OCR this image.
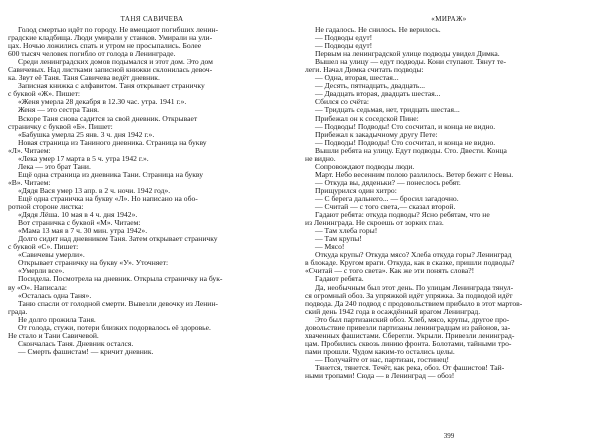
ТАНЯ САВИЧЕВА
Голод смертью идёт по городу. Не вмещают погибших ленин-
градские кладбища. Люди умирали у станков. Умирали на ули-
цах. Ночью ложились спать и утром не просыпались. Более
600 тысяч человек погибло от голода в Ленинграде.
Среди ленинградских домов подымался и этот дом. Это дом
Савичевых. Над листками записной книжки склонилась девоч-
ка. Звут её Таня. Таня Савичева ведёт дневник.
Записная книжка с алфавитом. Таня открывает страничку
с буквой «Ж». Пишет:
«Женя умерла 28 декабря в 12.30 час. утра. 1941 г.».
Женя — это сестра Таня.
Вскоре Таня снова садится за свой дневник. Открывает
страничку с буквой «Б». Пишет:
«Бабушка умерла 25 янв. 3 ч. дня 1942 г.».
Новая страница из Таниного дневника. Страница на букву
«Л». Читаем:
«Лека умер 17 марта в 5 ч. утра 1942 г.».
Лека — это брат Тани.
Ещё одна страница из дневника Тани. Страница на букву
«В». Читаем:
«Дядя Вася умер 13 апр. в 2 ч. ночи. 1942 год».
Ещё одна страничка на букву «Л». Но написано на обо-
ротной стороне листка:
«Дядя Лёша. 10 мая в 4 ч. дня 1942».
Вот страничка с буквой «М». Читаем:
«Мама 13 мая в 7 ч. 30 мин. утра 1942».
Долго сидит над дневником Таня. Затем открывает страничку
с буквой «С». Пишет:
«Савичевы умерли».
Открывает страничку на букву «У». Уточняет:
«Умерли все».
Посидела. Посмотрела на дневник. Открыла страничку на бук-
ву «О». Написала:
«Осталась одна Таня».
Таню спасли от голодной смерти. Вывезли девочку из Ленин-
града.
Не долго прожила Таня.
От голода, стужи, потери близких подорвалось её здоровье.
Не стало и Тани Савичевой.
Скончалась Таня. Дневник остался.
— Смерть фашистам! — кричит дневник.
«МИРАЖ»
Не гадалось. Не снилось. Не верилось.
— Подводы едут!
— Подводы едут!
Первым на ленинградской улице подводы увидел Димка.
Вышел на улицу — едут подводы. Кони ступают. Тянут те-
леги. Начал Димка считать подводы:
— Одна, вторая, шестая...
— Десять, пятнадцать, двадцать...
— Двадцать вторая, двадцать шестая...
Сбился со счёта:
— Тридцать седьмая, нет, тридцать шестая...
Прибежал он к соседской Пине:
— Подводы! Подводы! Сто сосчитал, и конца не видно.
Прибежал к закадычному другу Пете:
— Подводы! Подводы! Сто сосчитал, и конца не видно.
Вышли ребята на улицу. Едут подводы. Сто. Двести. Конца
не видно.
Сопровождают подводы люди.
Март. Небо весенним полою разлилось. Ветер бежит с Невы.
— Откуда вы, дяденьки? — понеслось ребят.
Прищурился один хитро:
— С берега дальнего... — бросил загадочно.
— Считай — с того света,— сказал второй.
Гадают ребята: откуда подводы? Ясно ребятам, что не
из Ленинграда. Не скроешь от зорких глаз.
— Там хлеба горы!
— Там крупы!
— Мясо!
Откуда крупы? Откуда мясо? Хлеба откуда горы? Ленинград
в блокаде. Кругом враги. Откуда, как в сказке, пришли подводы?
«Считай — с того света». Как же эти понять слова?!
Гадают ребята.
Да, необычным был этот день. По улицам Ленинграда тянул-
ся огромный обоз. За упряжкой идёт упряжка. За подводой идёт
подвода. Да 240 подвод с продовольствием прибыло в этот мартов-
ский день 1942 года в осаждённый врагом Ленинград.
Это был партизанский обоз. Хлеб, мясо, крупы, другое про-
довольствие привезли партизаны ленинградцам из районов, за-
хваченных фашистами. Сберегли. Укрыли. Привезли ленинград-
цам. Пробились сквозь линию фронта. Болотами, тайными тро-
пами прошли. Чудом каким-то остались целы.
— Получайте от нас, партизан, гостинец!
Тянется, тянется. Течёт, как река, обоз. От фашистов! Тай-
ными тропами! Сюда — в Ленинград — обоз!
399
